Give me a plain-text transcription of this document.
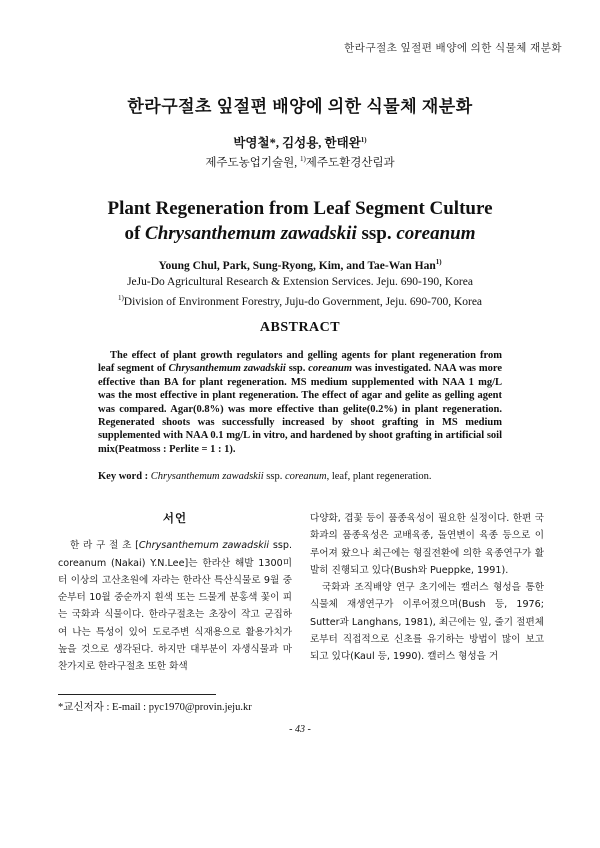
한라구절초 잎절편 배양에 의한 식물체 재분화
한라구절초 잎절편 배양에 의한 식물체 재분화
박영철*, 김성용, 한태완$^{1)}$
제주도농업기술원, $^{1)}$제주도환경산림과
Plant Regeneration from Leaf Segment Culture
of Chrysanthemum zawadskii ssp. coreanum
Young Chul, Park, Sung-Ryong, Kim, and Tae-Wan Han$^{1)}$
JeJu-Do Agricultural Research & Extension Services. Jeju. 690-190, Korea
$^{1)}$Division of Environment Forestry, Juju-do Government, Jeju. 690-700, Korea
ABSTRACT
The effect of plant growth regulators and gelling agents for plant regeneration from leaf segment of Chrysanthemum zawadskii ssp. coreanum was investigated. NAA was more effective than BA for plant regeneration. MS medium supplemented with NAA 1 mg/L was the most effective in plant regeneration. The effect of agar and gelite as gelling agent was compared. Agar(0.8%) was more effective than gelite(0.2%) in plant regeneration. Regenerated shoots was successfully increased by shoot grafting in MS medium supplemented with NAA 0.1 mg/L in vitro, and hardened by shoot grafting in artificial soil mix(Peatmoss : Perlite = 1 : 1).
Key word : Chrysanthemum zawadskii ssp. coreanum, leaf, plant regeneration.
서언

한 라 구 절 초 [Chrysanthemum zawadskii ssp. coreanum (Nakai) Y.N.Lee]는 한라산 해발 1300미터 이상의 고산초원에 자라는 한라산 특산식물로 9월 중순부터 10월 중순까지 흰색 또는 드물게 분홍색 꽃이 피는 국화과 식물이다. 한라구절초는 초장이 작고 군집하여 나는 특성이 있어 도로주변 식재용으로 활용가치가 높을 것으로 생각된다. 하지만 대부분이 자생식물과 마찬가지로 한라구절초 또한 화색

다양화, 겹꽃 등이 품종육성이 필요한 실정이다. 한편 국화과의 품종육성은 교배육종, 돌연변이 육종 등으로 이루어져 왔으나 최근에는 형질전환에 의한 육종연구가 활발히 진행되고 있다(Bush와 Pueppke, 1991).

국화과 조직배양 연구 초기에는 캘러스 형성을 통한 식물체 재생연구가 이루어졌으며(Bush 등, 1976; Sutter과 Langhans, 1981), 최근에는 잎, 줄기 절편체로부터 직접적으로 신초를 유기하는 방법이 많이 보고 되고 있다(Kaul 등, 1990). 캘러스 형성을 거

*교신저자 : E-mail : pyc1970@provin.jeju.kr
- 43 -
